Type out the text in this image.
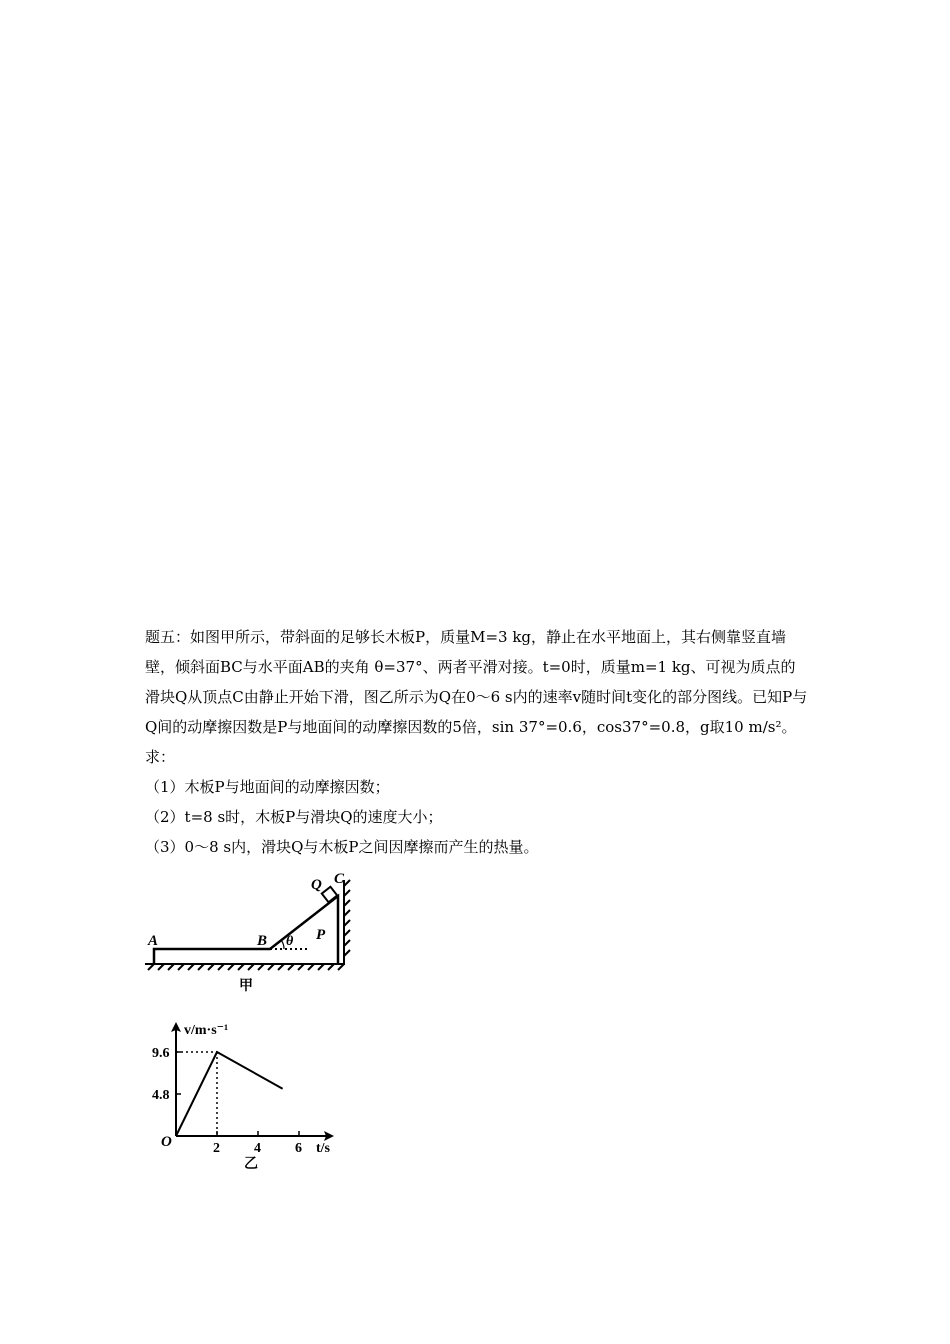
题五：如图甲所示，带斜面的足够长木板P，质量M=3 kg，静止在水平地面上，其右侧靠竖直墙壁，倾斜面BC与水平面AB的夹角 θ=37°、两者平滑对接。t=0时，质量m=1 kg、可视为质点的滑块Q从顶点C由静止开始下滑，图乙所示为Q在0～6 s内的速率v随时间t变化的部分图线。已知P与Q间的动摩擦因数是P与地面间的动摩擦因数的5倍，sin 37°=0.6，cos37°=0.8，g取10 m/s²。求：

（1）木板P与地面间的动摩擦因数；

（2）t=8 s时，木板P与滑块Q的速度大小；

（3）0～8 s内，滑块Q与木板P之间因摩擦而产生的热量。

A	B θ P
Q C
甲
v/m·s⁻¹
t/s
O	2 4 6
4.8
9.6
乙
